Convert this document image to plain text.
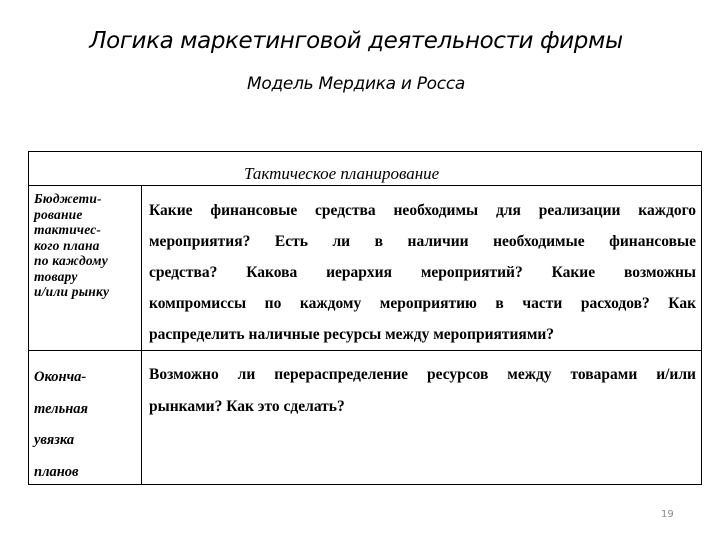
Логика маркетинговой деятельности фирмы
Модель Мердика и Росса
Тактическое планирование
Бюджети-
рование
тактичес-
кого плана
по каждому
товару
и/или рынку
Какие финансовые средства необходимы для реализации каждого
мероприятия? Есть ли в наличии необходимые финансовые
средства? Какова иерархия мероприятий? Какие возможны
компромиссы по каждому мероприятию в части расходов? Как
распределить наличные ресурсы между мероприятиями?
Оконча-
тельная
увязка
планов
Возможно ли перераспределение ресурсов между товарами и/или
рынками? Как это сделать?
19
